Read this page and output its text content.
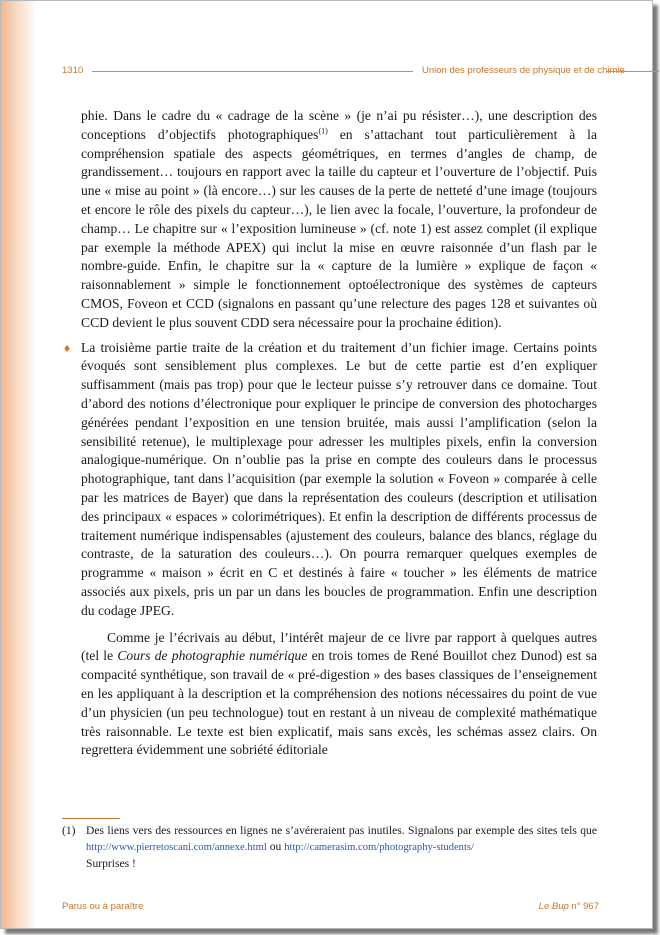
1310	Union des professeurs de physique et de chimie

phie. Dans le cadre du « cadrage de la scène » (je n’ai pu résister…), une description des conceptions d’objectifs photographiques$^{(1)}$ en s’attachant tout particulièrement à la compréhension spatiale des aspects géométriques, en termes d’angles de champ, de grandissement… toujours en rapport avec la taille du capteur et l’ouverture de l’objectif. Puis une « mise au point » (là encore…) sur les causes de la perte de netteté d’une image (toujours et encore le rôle des pixels du capteur…), le lien avec la focale, l’ouverture, la profondeur de champ… Le chapitre sur « l’exposition lumineuse » (cf. note 1) est assez complet (il explique par exemple la méthode APEX) qui inclut la mise en œuvre raisonnée d’un flash par le nombre-guide. Enfin, le chapitre sur la « capture de la lumière » explique de façon « raisonnablement » simple le fonctionnement optoélectronique des systèmes de capteurs CMOS, Foveon et CCD (signalons en passant qu’une relecture des pages 128 et suivantes où CCD devient le plus souvent CDD sera nécessaire pour la prochaine édition).

♦ La troisième partie traite de la création et du traitement d’un fichier image. Certains points évoqués sont sensiblement plus complexes. Le but de cette partie est d’en expliquer suffisamment (mais pas trop) pour que le lecteur puisse s’y retrouver dans ce domaine. Tout d’abord des notions d’électronique pour expliquer le principe de conversion des photocharges générées pendant l’exposition en une tension bruitée, mais aussi l’amplification (selon la sensibilité retenue), le multiplexage pour adresser les multiples pixels, enfin la conversion analogique-numérique. On n’oublie pas la prise en compte des couleurs dans le processus photographique, tant dans l’acquisition (par exemple la solution « Foveon » comparée à celle par les matrices de Bayer) que dans la représentation des couleurs (description et utilisation des principaux « espaces » colorimétriques). Et enfin la description de différents processus de traitement numérique indispensables (ajustement des couleurs, balance des blancs, réglage du contraste, de la saturation des couleurs…). On pourra remarquer quelques exemples de programme « maison » écrit en C et destinés à faire « toucher » les éléments de matrice associés aux pixels, pris un par un dans les boucles de programmation. Enfin une description du codage JPEG.

Comme je l’écrivais au début, l’intérêt majeur de ce livre par rapport à quelques autres (tel le Cours de photographie numérique en trois tomes de René Bouillot chez Dunod) est sa compacité synthétique, son travail de « pré-digestion » des bases classiques de l’enseignement en les appliquant à la description et la compréhension des notions nécessaires du point de vue d’un physicien (un peu technologue) tout en restant à un niveau de complexité mathématique très raisonnable. Le texte est bien explicatif, mais sans excès, les schémas assez clairs. On regrettera évidemment une sobriété éditoriale

(1) Des liens vers des ressources en lignes ne s’avéreraient pas inutiles. Signalons par exemple des sites tels que http://www.pierretoscani.com/annexe.html ou http://camerasim.com/photography-students/
Surprises !
Parus ou à paraître	Le Bup n° 967
